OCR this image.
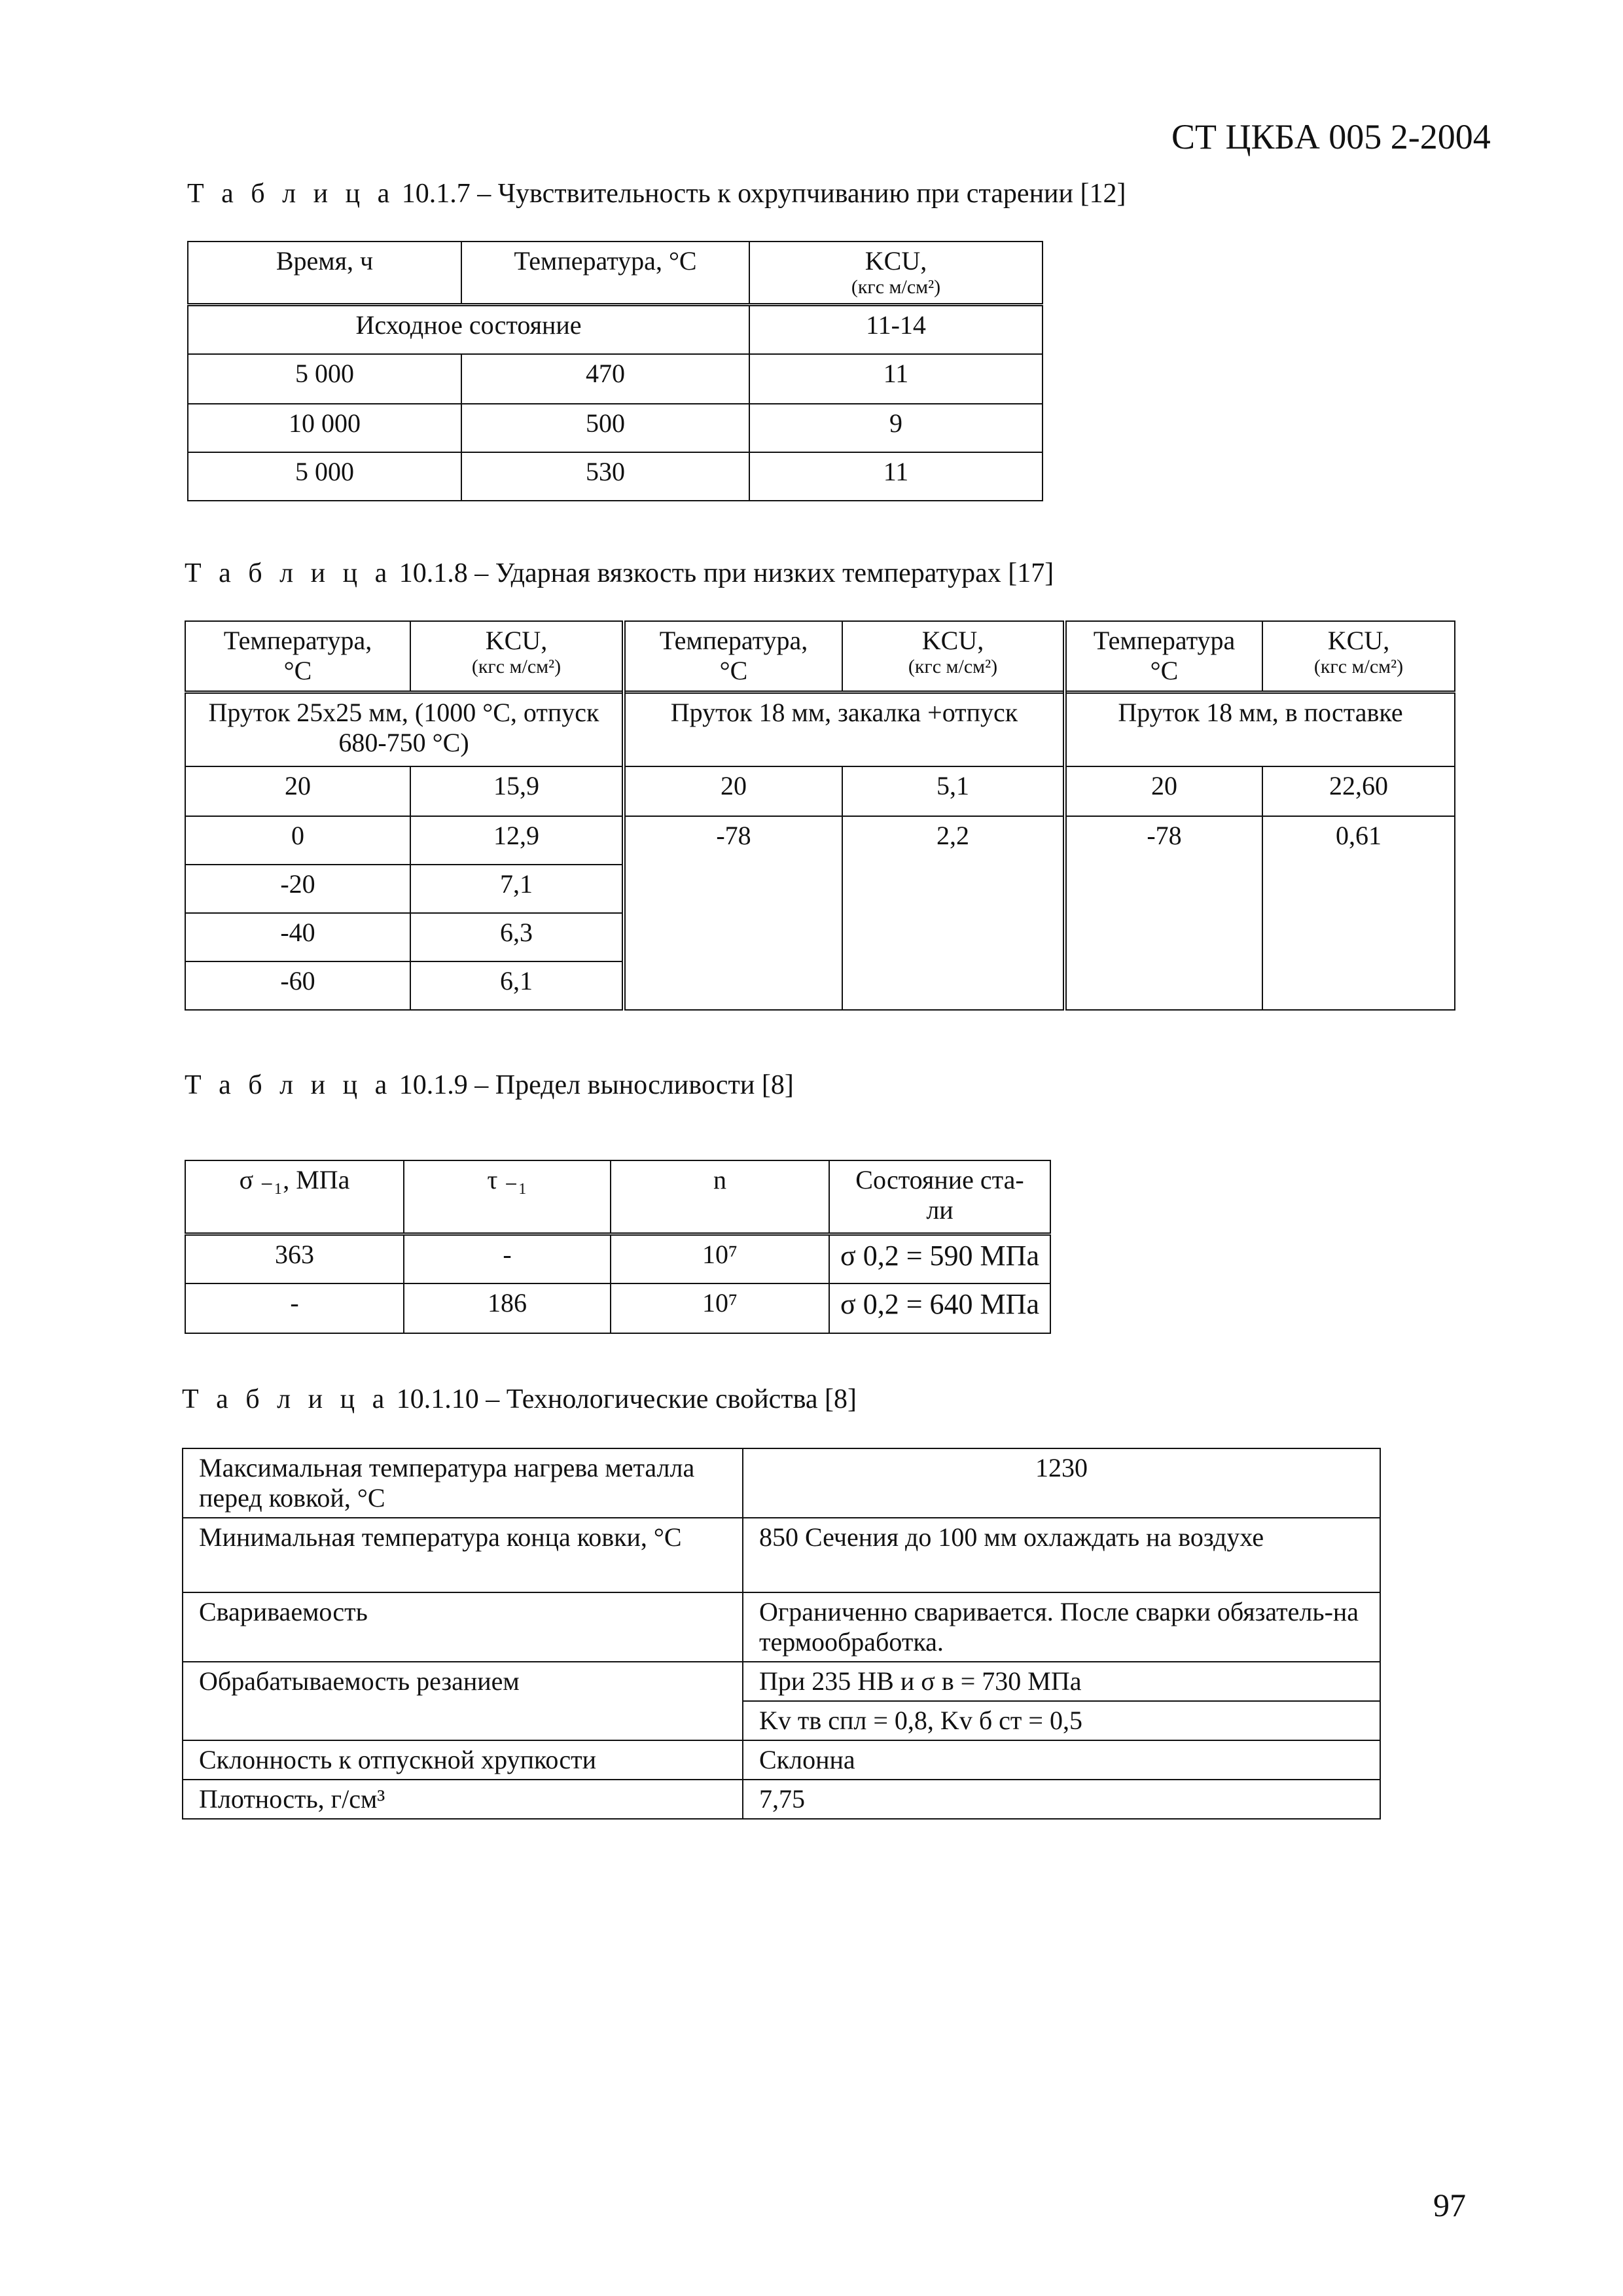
СТ ЦКБА 005 2-2004
Т а б л и ц а 10.1.7 – Чувствительность к охрупчиванию при старении [12]
Время, ч	Температура, °С	KCU,
(кгс м/см²)

Исходное состояние		11-14
5 000	470	11
10 000	500	9
5 000	530	11
Т а б л и ц а 10.1.8 – Ударная вязкость при низких температурах [17]
Температура,
°С	KCU,
(кгс м/см²)	Температура,
°С	KCU,
(кгс м/см²)	Температура
°С	KCU,
(кгс м/см²)

Пруток 25х25 мм, (1000 °С, отпуск 680-750 °С)		Пруток 18 мм, закалка +отпуск		Пруток 18 мм, в поставке	
20	15,9	20	5,1	20	22,60
0	12,9	-78	2,2	-78	0,61
-20	7,1				
-40	6,3				
-60	6,1				
Т а б л и ц а 10.1.9 – Предел выносливости [8]
σ ₋₁, МПа	τ ₋₁	n	Состояние ста-
ли
363	-	10⁷	σ 0,2 = 590 МПа
-	186	10⁷	σ 0,2 = 640 МПа
Т а б л и ц а 10.1.10 – Технологические свойства [8]
Максимальная температура нагрева металла перед ковкой, °С	1230
Минимальная температура конца ковки, °С	850 Сечения до 100 мм охлаждать на воздухе
Свариваемость	Ограниченно сваривается. После сварки обязатель-на термообработка.
Обрабатываемость резанием	При 235 НВ и σ в = 730 МПа
	Kv тв спл = 0,8, Kv б ст = 0,5
Склонность к отпускной хрупкости	Склонна
Плотность, г/см³	7,75
97
